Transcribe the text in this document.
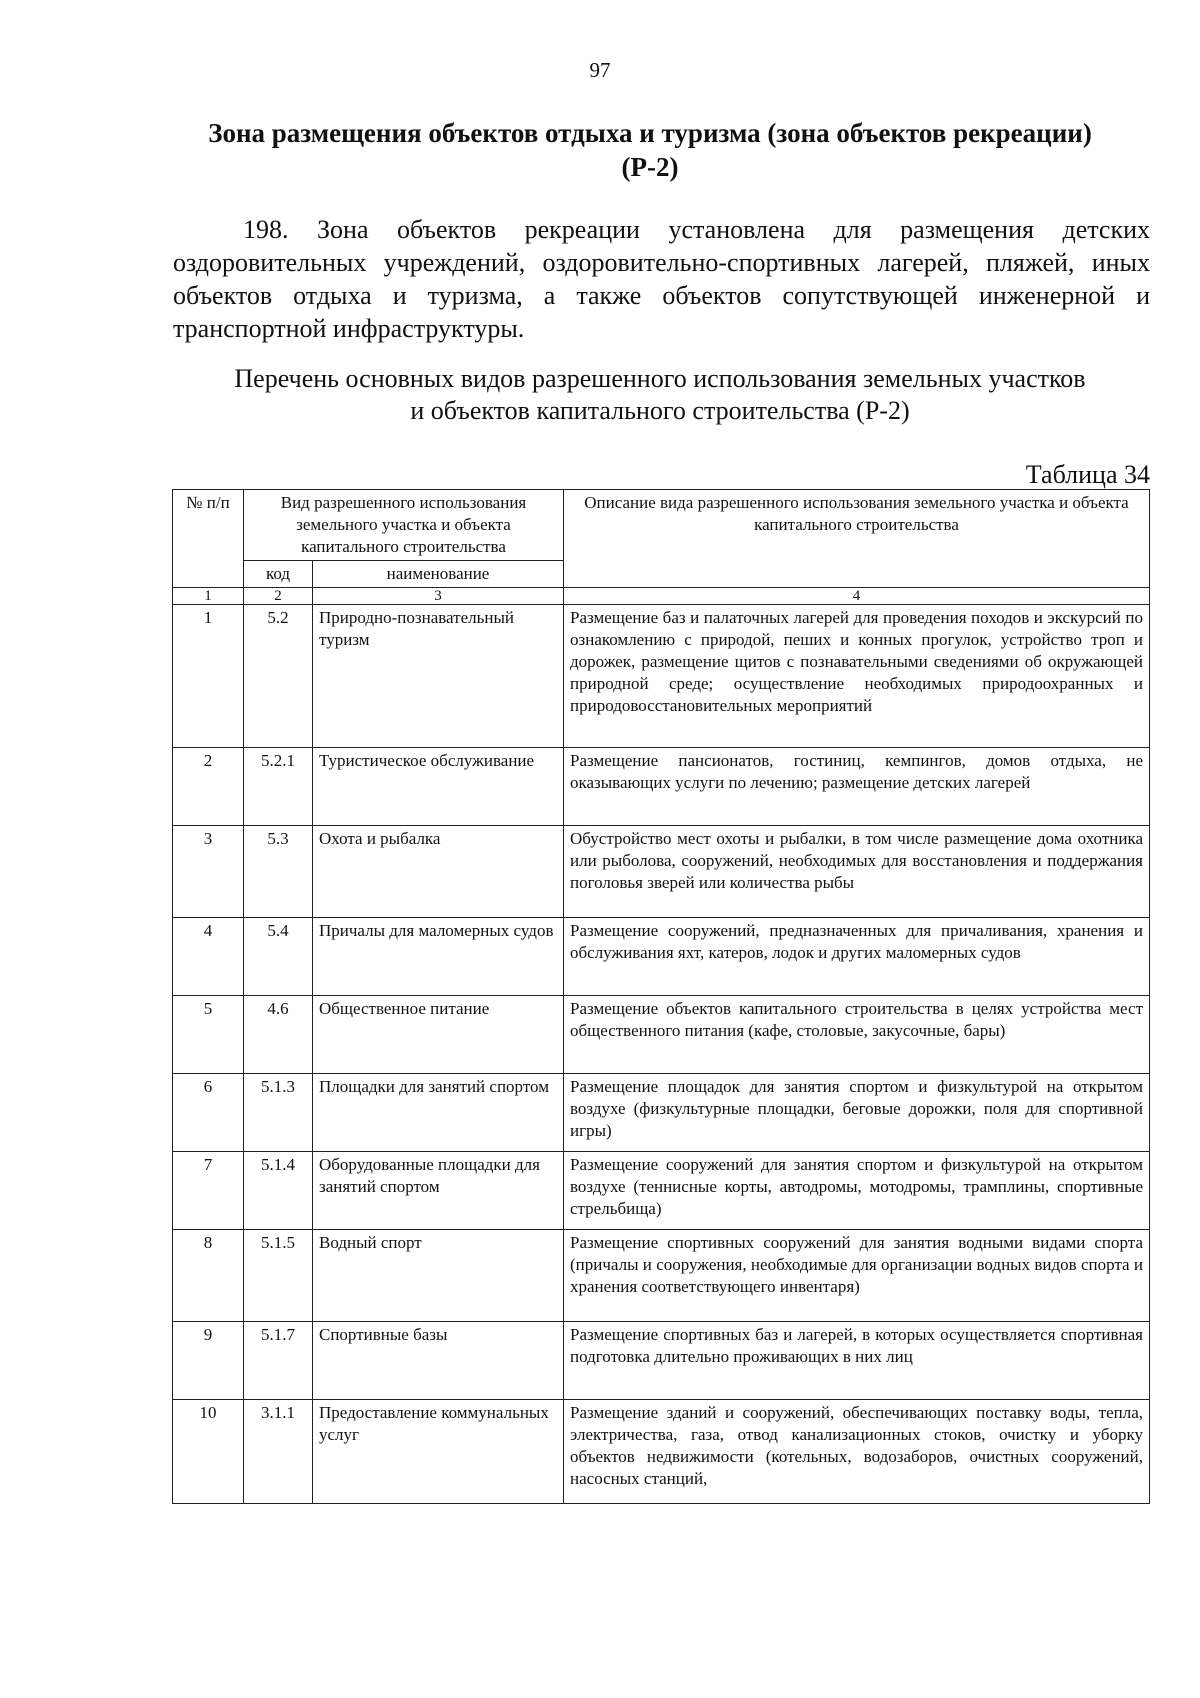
97
Зона размещения объектов отдыха и туризма (зона объектов рекреации)
(Р-2)
198. Зона объектов рекреации установлена для размещения детских оздоровительных учреждений, оздоровительно-спортивных лагерей, пляжей, иных объектов отдыха и туризма, а также объектов сопутствующей инженерной и транспортной инфраструктуры.
Перечень основных видов разрешенного использования земельных участков
и объектов капитального строительства (Р-2)
Таблица 34
№ п/п	Вид разрешенного использования земельного участка и объекта капитального строительства		Описание вида разрешенного использования земельного участка и объекта капитального строительства
	код	наименование	
1	2	3	4
1	5.2	Природно-познавательный туризм	Размещение баз и палаточных лагерей для проведения походов и экскурсий по ознакомлению с природой, пеших и конных прогулок, устройство троп и дорожек, размещение щитов с познавательными сведениями об окружающей природной среде; осуществление необходимых природоохранных и природовосстановительных мероприятий
2	5.2.1	Туристическое обслуживание	Размещение пансионатов, гостиниц, кемпингов, домов отдыха, не оказывающих услуги по лечению; размещение детских лагерей
3	5.3	Охота и рыбалка	Обустройство мест охоты и рыбалки, в том числе размещение дома охотника или рыболова, сооружений, необходимых для восстановления и поддержания поголовья зверей или количества рыбы
4	5.4	Причалы для маломерных судов	Размещение сооружений, предназначенных для причаливания, хранения и обслуживания яхт, катеров, лодок и других маломерных судов
5	4.6	Общественное питание	Размещение объектов капитального строительства в целях устройства мест общественного питания (кафе, столовые, закусочные, бары)
6	5.1.3	Площадки для занятий спортом	Размещение площадок для занятия спортом и физкультурой на открытом воздухе (физкультурные площадки, беговые дорожки, поля для спортивной игры)
7	5.1.4	Оборудованные площадки для занятий спортом	Размещение сооружений для занятия спортом и физкультурой на открытом воздухе (теннисные корты, автодромы, мотодромы, трамплины, спортивные стрельбища)
8	5.1.5	Водный спорт	Размещение спортивных сооружений для занятия водными видами спорта (причалы и сооружения, необходимые для организации водных видов спорта и хранения соответствующего инвентаря)
9	5.1.7	Спортивные базы	Размещение спортивных баз и лагерей, в которых осуществляется спортивная подготовка длительно проживающих в них лиц
10	3.1.1	Предоставление коммунальных услуг	Размещение зданий и сооружений, обеспечивающих поставку воды, тепла, электричества, газа, отвод канализационных стоков, очистку и уборку объектов недвижимости (котельных, водозаборов, очистных сооружений, насосных станций,
